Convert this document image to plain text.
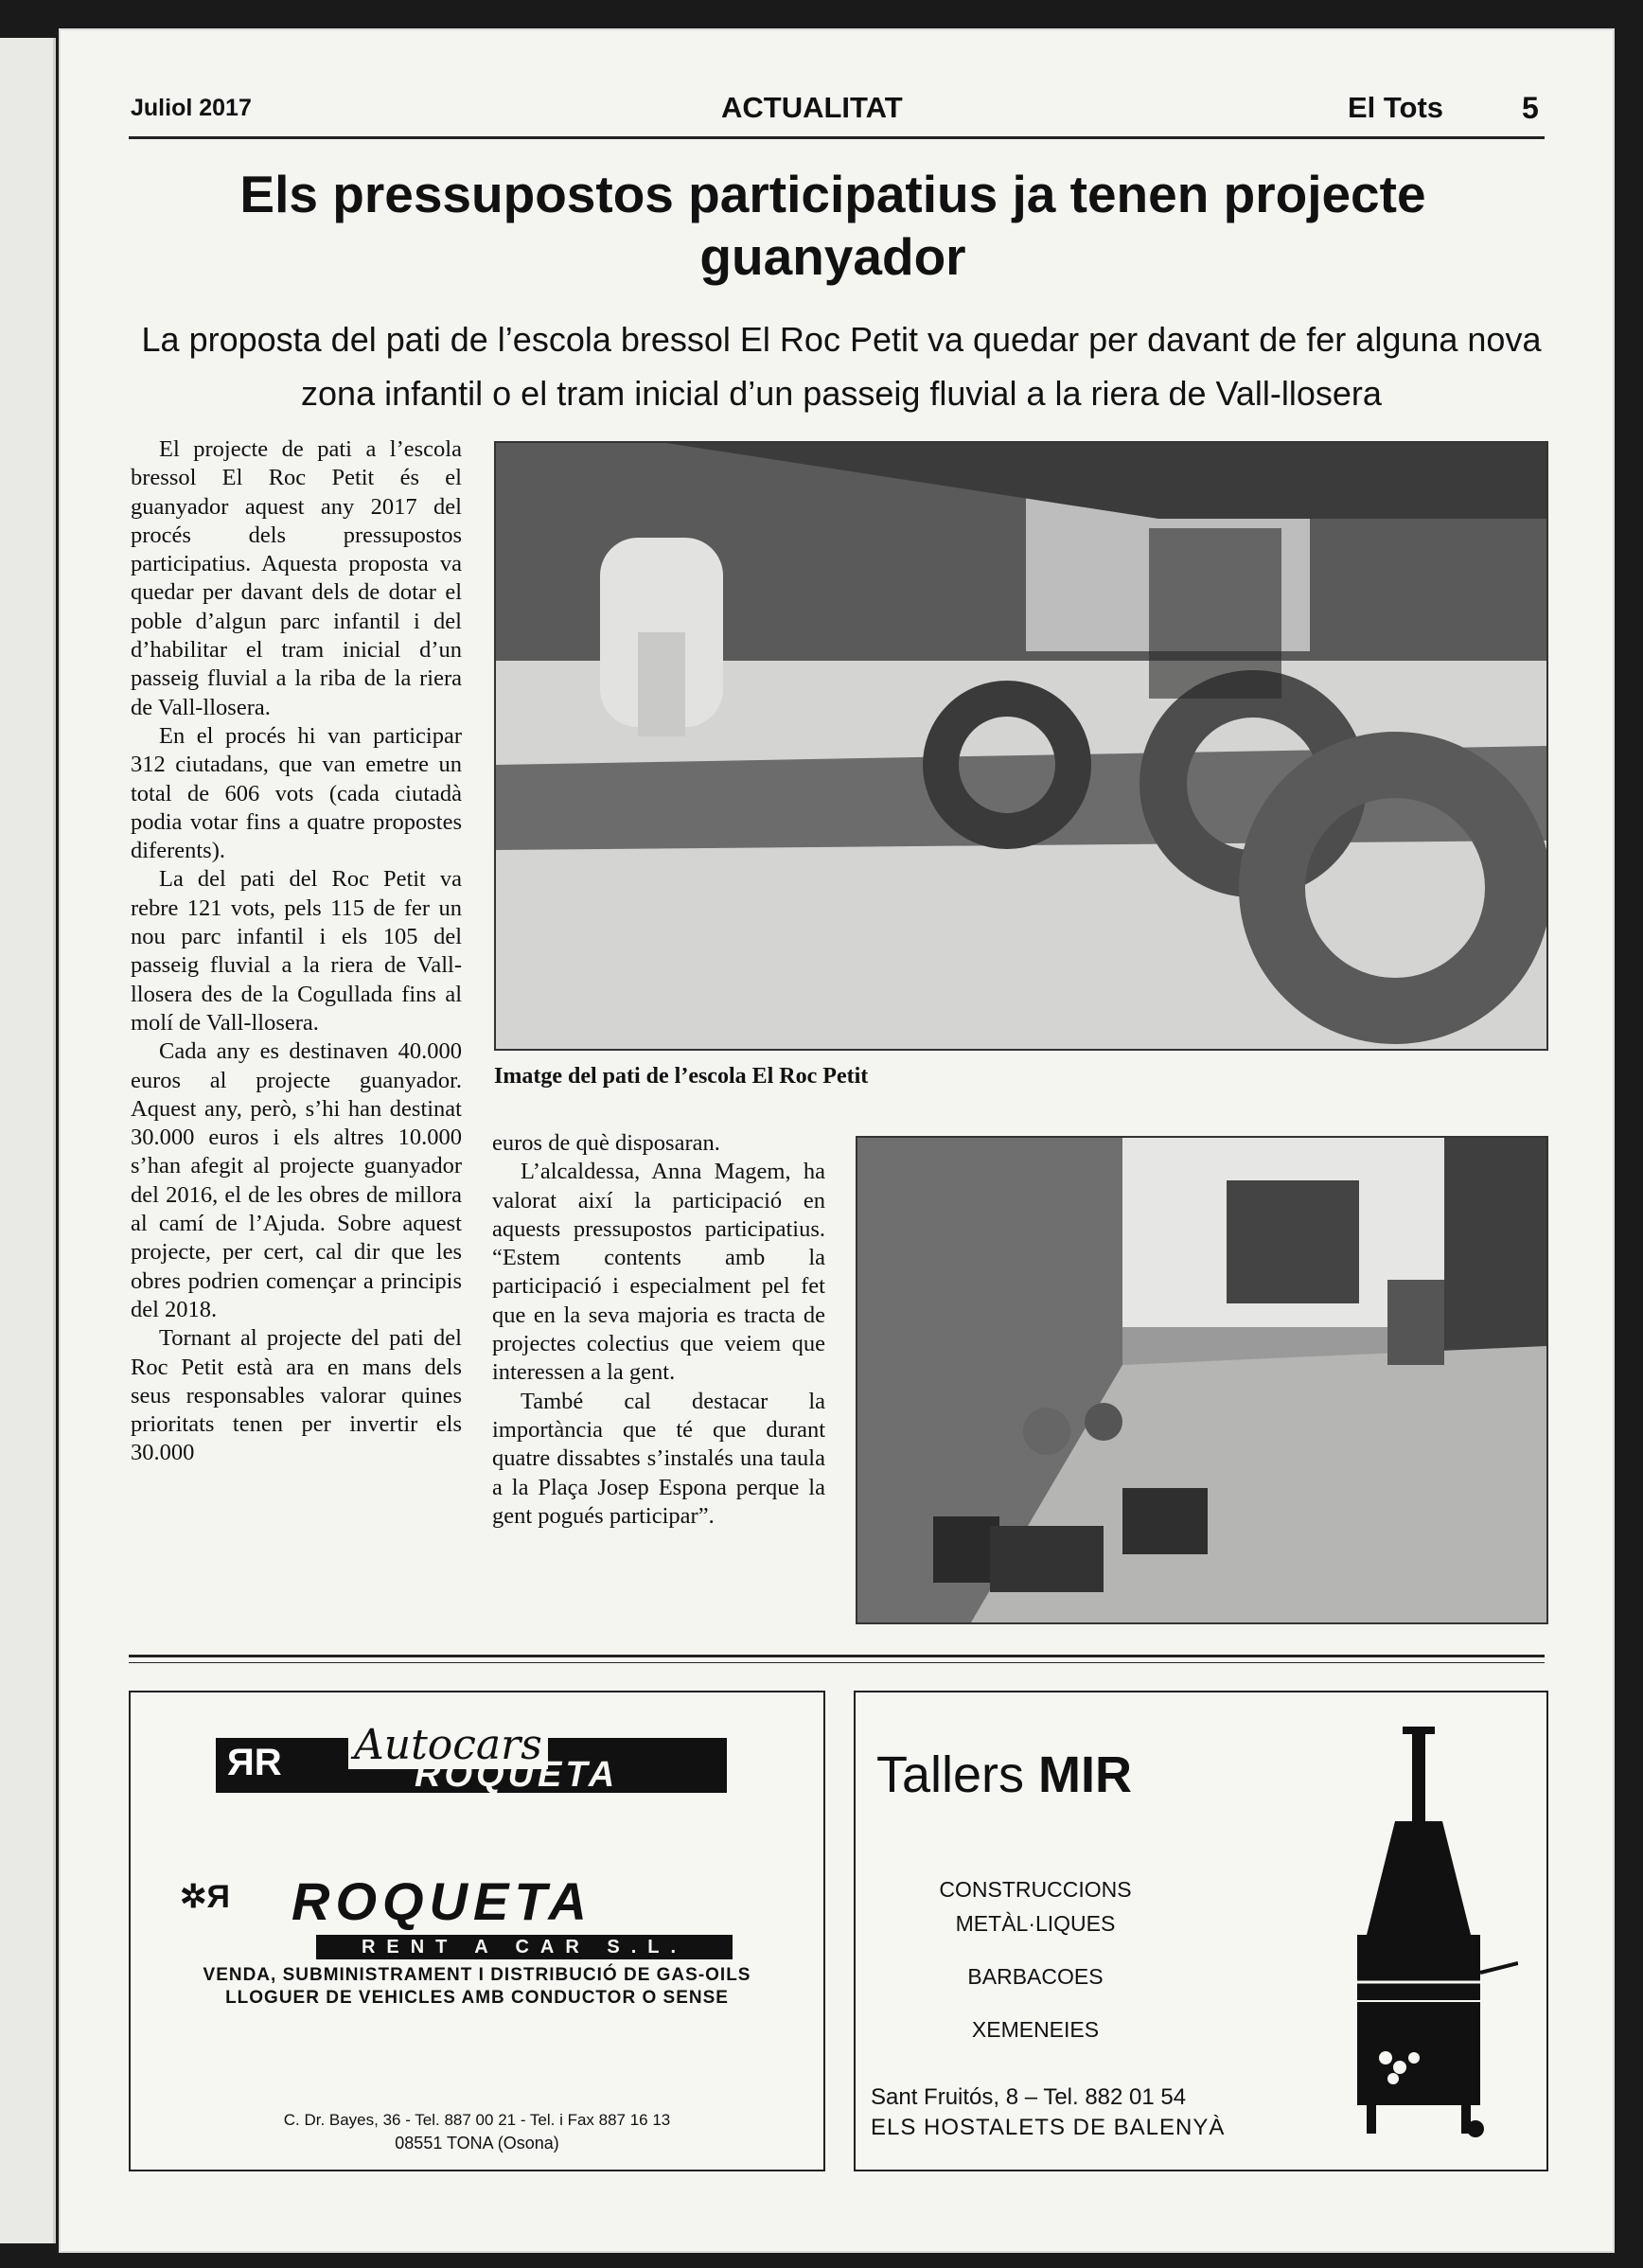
Juliol 2017	ACTUALITAT	El Tots	5
Els pressupostos participatius ja tenen projecte guanyador
La proposta del pati de l’escola bressol El Roc Petit va quedar per davant de fer alguna nova zona infantil o el tram inicial d’un passeig fluvial a la riera de Vall-llosera

El projecte de pati a l’escola bressol El Roc Petit és el guanyador aquest any 2017 del procés dels pressupostos participatius. Aquesta proposta va quedar per davant dels de dotar el poble d’algun parc infantil i del d’habilitar el tram inicial d’un passeig fluvial a la riba de la riera de Vall-llosera.

En el procés hi van participar 312 ciutadans, que van emetre un total de 606 vots (cada ciutadà podia votar fins a quatre propostes diferents).

La del pati del Roc Petit va rebre 121 vots, pels 115 de fer un nou parc infantil i els 105 del passeig fluvial a la riera de Vall-llosera des de la Cogullada fins al molí de Vall-llosera.

Cada any es destinaven 40.000 euros al projecte guanyador. Aquest any, però, s’hi han destinat 30.000 euros i els altres 10.000 s’han afegit al projecte guanyador del 2016, el de les obres de millora al camí de l’Ajuda. Sobre aquest projecte, per cert, cal dir que les obres podrien començar a principis del 2018.

Tornant al projecte del pati del Roc Petit està ara en mans dels seus responsables valorar quines prioritats tenen per invertir els 30.000

Imatge del pati de l’escola El Roc Petit

euros de què disposaran.

L’alcaldessa, Anna Magem, ha valorat així la participació en aquests pressupostos participatius. “Estem contents amb la participació i especialment pel fet que en la seva majoria es tracta de projectes colectius que veiem que interessen a la gent.

També cal destacar la importància que té que durant quatre dissabtes s’instalés una taula a la Plaça Josep Espona perque la gent pogués participar”.

ЯR Autocars
ROQUETA
✲Я ROQUETA
RENT A CAR S.L.
VENDA, SUBMINISTRAMENT I DISTRIBUCIÓ DE GAS-OILS
LLOGUER DE VEHICLES AMB CONDUCTOR O SENSE
C. Dr. Bayes, 36 - Tel. 887 00 21 - Tel. i Fax 887 16 13
08551 TONA (Osona)
Tallers MIR
CONSTRUCCIONS
METÀL·LIQUES
BARBACOES
XEMENEIES
Sant Fruitós, 8 – Tel. 882 01 54
ELS HOSTALETS DE BALENYÀ
